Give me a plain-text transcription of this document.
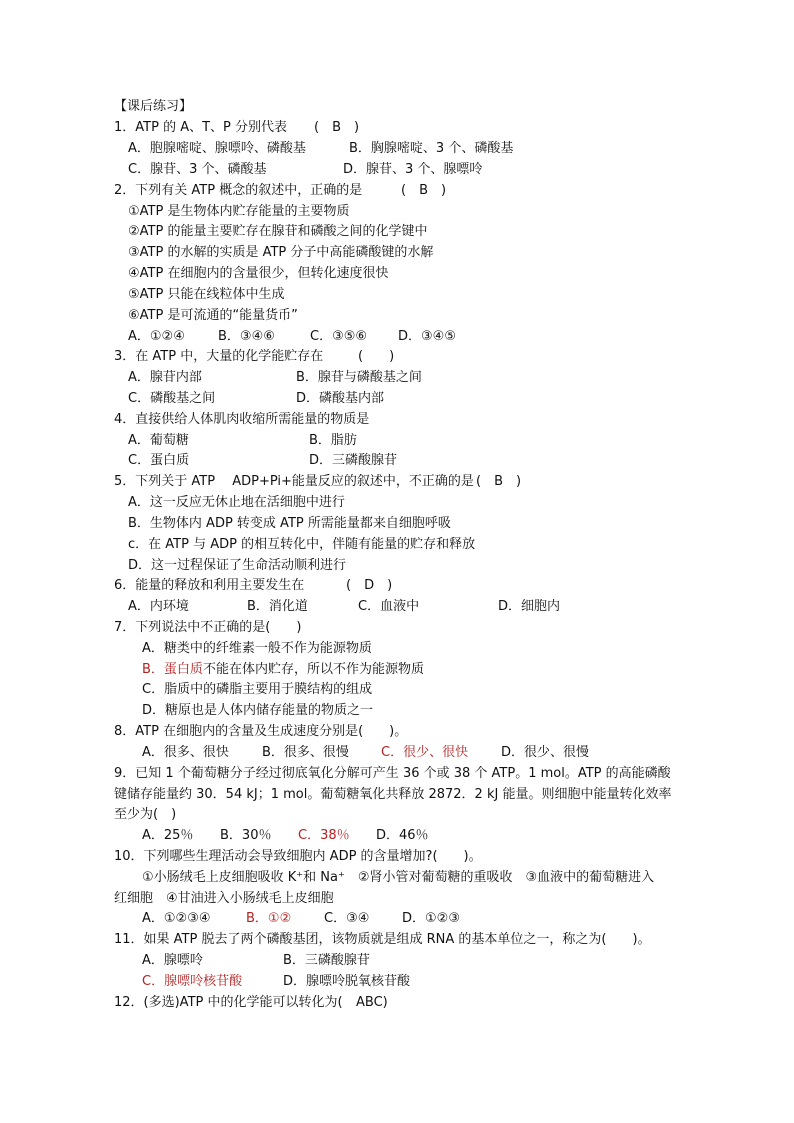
【课后练习】
1．ATP 的 A、T、P 分别代表 (　B　)
A．胞腺嘧啶、腺嘌呤、磷酸基	B．胸腺嘧啶、3 个、磷酸基
C．腺苷、3 个、磷酸基	D．腺苷、3 个、腺嘌呤
2．下列有关 ATP 概念的叙述中，正确的是	(　B　)
①ATP 是生物体内贮存能量的主要物质
②ATP 的能量主要贮存在腺苷和磷酸之间的化学键中
③ATP 的水解的实质是 ATP 分子中高能磷酸键的水解
④ATP 在细胞内的含量很少，但转化速度很快
⑤ATP 只能在线粒体中生成
⑥ATP 是可流通的“能量货币”
A．①②④	B．③④⑥	C．③⑤⑥ D．③④⑤
3．在 ATP 中，大量的化学能贮存在	(　　)
A．腺苷内部	B．腺苷与磷酸基之间
C．磷酸基之间	D．磷酸基内部
4．直接供给人体肌肉收缩所需能量的物质是
A．葡萄糖	B．脂肪
C．蛋白质	D．三磷酸腺苷
5．下列关于 ATP　 ADP+Pi+能量反应的叙述中，不正确的是 (　B　)
A．这一反应无休止地在活细胞中进行
B．生物体内 ADP 转变成 ATP 所需能量都来自细胞呼吸
c．在 ATP 与 ADP 的相互转化中，伴随有能量的贮存和释放
D．这一过程保证了生命活动顺利进行
6．能量的释放和利用主要发生在	(　D　)
A．内环境	B．消化道	C．血液中	D．细胞内
7．下列说法中不正确的是(　　)
A．糖类中的纤维素一般不作为能源物质
B．蛋白质不能在体内贮存，所以不作为能源物质
C．脂质中的磷脂主要用于膜结构的组成
D．糖原也是人体内储存能量的物质之一
8．ATP 在细胞内的含量及生成速度分别是(　　)。
A．很多、很快	B．很多、很慢 C．很少、很快	D．很少、很慢
9．已知 1 个葡萄糖分子经过彻底氧化分解可产生 36 个或 38 个 ATP。1 mol。ATP 的高能磷酸
键储存能量约 30．54 kJ；1 mol。葡萄糖氧化共释放 2872．2 kJ 能量。则细胞中能量转化效率
至少为(　)
A．25％ B．30％ C．38％ D．46％
10．下列哪些生理活动会导致细胞内 ADP 的含量增加?(　　)。
①小肠绒毛上皮细胞吸收 K⁺和 Na⁺　②肾小管对葡萄糖的重吸收　③血液中的葡萄糖进入
红细胞　④甘油进入小肠绒毛上皮细胞
A．①②③④	B．①②	C．③④	D．①②③
11．如果 ATP 脱去了两个磷酸基团，该物质就是组成 RNA 的基本单位之一，称之为(　　)。
A．腺嘌呤	B．三磷酸腺苷
C．腺嘌呤核苷酸	D．腺嘌呤脱氧核苷酸
12．(多选)ATP 中的化学能可以转化为( ABC)
